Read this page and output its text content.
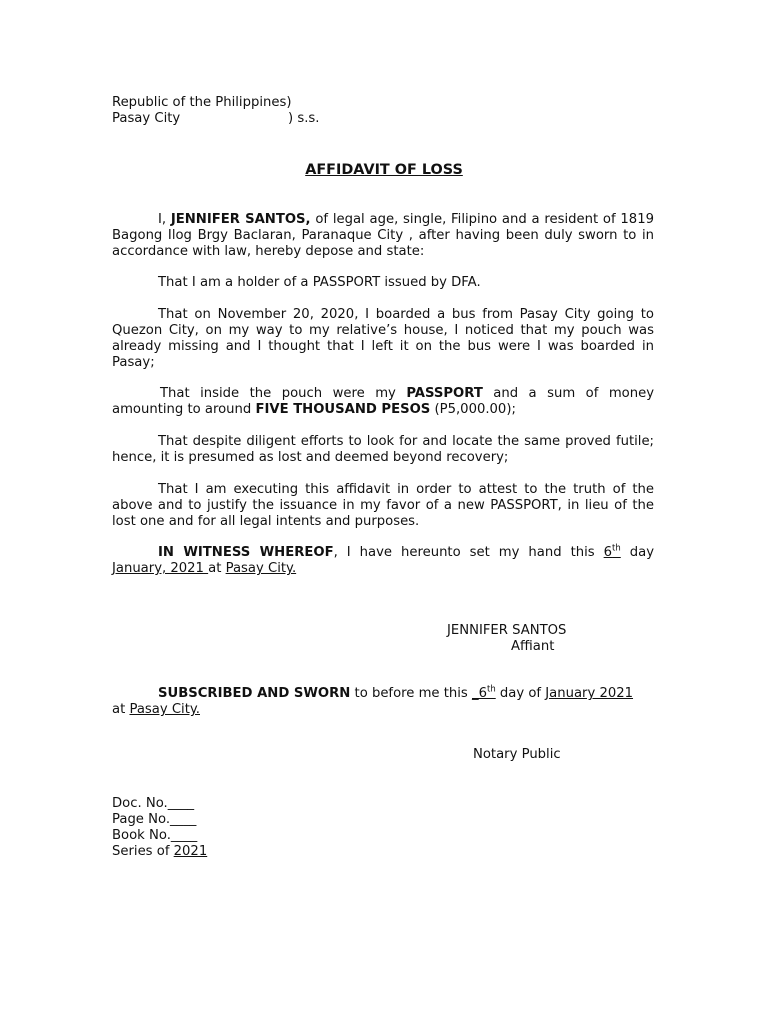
Republic of the Philippines)
Pasay City	) s.s.
AFFIDAVIT OF LOSS
I, JENNIFER SANTOS, of legal age, single, Filipino and a resident of 1819 Bagong Ilog Brgy Baclaran, Paranaque City , after having been duly sworn to in accordance with law, hereby depose and state:
That I am a holder of a PASSPORT issued by DFA.
That on November 20, 2020, I boarded a bus from Pasay City going to Quezon City, on my way to my relative’s house, I noticed that my pouch was already missing and I thought that I left it on the bus were I was boarded in Pasay;
That inside the pouch were my PASSPORT and a sum of money amounting to around FIVE THOUSAND PESOS (P5,000.00);
That despite diligent efforts to look for and locate the same proved futile; hence, it is presumed as lost and deemed beyond recovery;
That I am executing this affidavit in order to attest to the truth of the above and to justify the issuance in my favor of a new PASSPORT, in lieu of the lost one and for all legal intents and purposes.
IN WITNESS WHEREOF, I have hereunto set my hand this 6th day January, 2021 at Pasay City.
JENNIFER SANTOS
Affiant
SUBSCRIBED AND SWORN to before me this _6th day of January 2021
at Pasay City.
Notary Public
Doc. No.____
Page No.____
Book No.____
Series of 2021
